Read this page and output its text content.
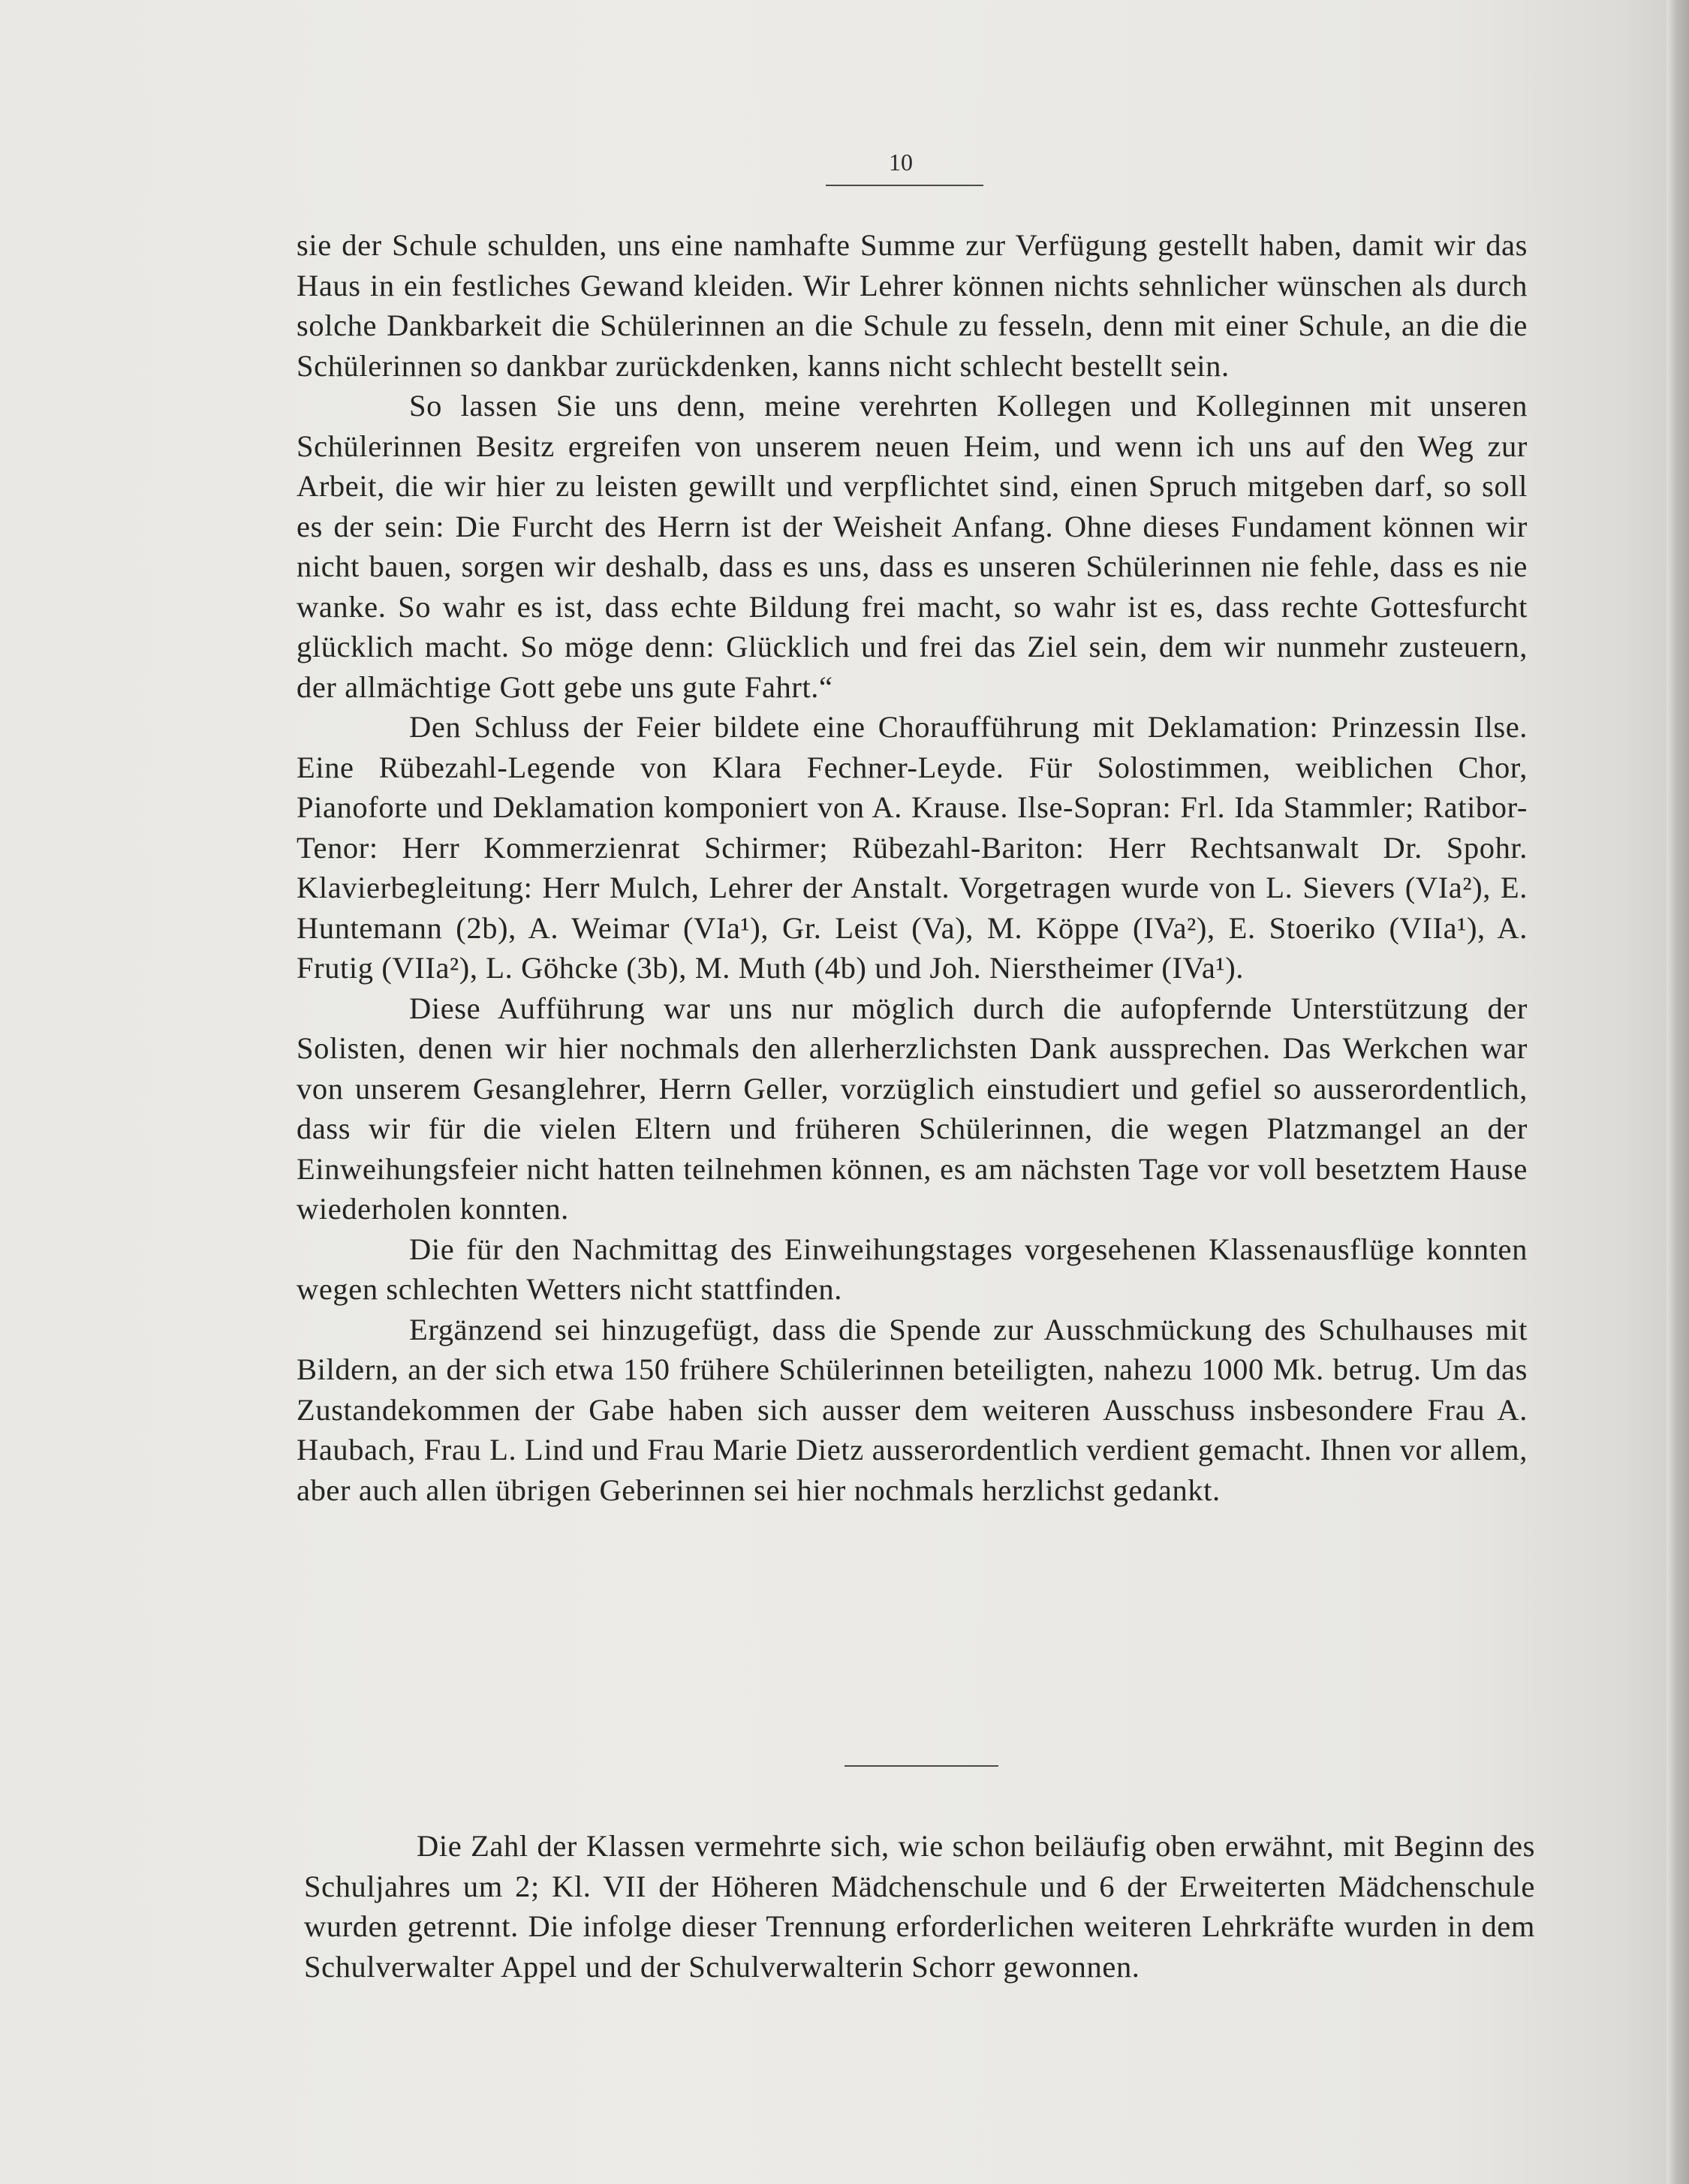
10

sie der Schule schulden, uns eine namhafte Summe zur Verfügung gestellt haben, damit wir das Haus in ein festliches Gewand kleiden. Wir Lehrer können nichts sehnlicher wünschen als durch solche Dankbarkeit die Schülerinnen an die Schule zu fesseln, denn mit einer Schule, an die die Schülerinnen so dankbar zurückdenken, kanns nicht schlecht bestellt sein.

So lassen Sie uns denn, meine verehrten Kollegen und Kolleginnen mit unseren Schülerinnen Besitz ergreifen von unserem neuen Heim, und wenn ich uns auf den Weg zur Arbeit, die wir hier zu leisten gewillt und verpflichtet sind, einen Spruch mitgeben darf, so soll es der sein: Die Furcht des Herrn ist der Weisheit Anfang. Ohne dieses Fundament können wir nicht bauen, sorgen wir deshalb, dass es uns, dass es unseren Schülerinnen nie fehle, dass es nie wanke. So wahr es ist, dass echte Bildung frei macht, so wahr ist es, dass rechte Gottesfurcht glücklich macht. So möge denn: Glücklich und frei das Ziel sein, dem wir nunmehr zusteuern, der allmächtige Gott gebe uns gute Fahrt.“

Den Schluss der Feier bildete eine Choraufführung mit Deklamation: Prinzessin Ilse. Eine Rübezahl-Legende von Klara Fechner-Leyde. Für Solostimmen, weiblichen Chor, Pianoforte und Deklamation komponiert von A. Krause. Ilse-Sopran: Frl. Ida Stammler; Ratibor-Tenor: Herr Kommerzienrat Schirmer; Rübezahl-Bariton: Herr Rechtsanwalt Dr. Spohr. Klavierbegleitung: Herr Mulch, Lehrer der Anstalt. Vorgetragen wurde von L. Sievers (VIa²), E. Huntemann (2b), A. Weimar (VIa¹), Gr. Leist (Va), M. Köppe (IVa²), E. Stoeriko (VIIa¹), A. Frutig (VIIa²), L. Göhcke (3b), M. Muth (4b) und Joh. Nierstheimer (IVa¹).

Diese Aufführung war uns nur möglich durch die aufopfernde Unterstützung der Solisten, denen wir hier nochmals den allerherzlichsten Dank aussprechen. Das Werkchen war von unserem Gesanglehrer, Herrn Geller, vorzüglich einstudiert und gefiel so ausserordentlich, dass wir für die vielen Eltern und früheren Schülerinnen, die wegen Platzmangel an der Einweihungsfeier nicht hatten teilnehmen können, es am nächsten Tage vor voll besetztem Hause wiederholen konnten.

Die für den Nachmittag des Einweihungstages vorgesehenen Klassenausflüge konnten wegen schlechten Wetters nicht stattfinden.

Ergänzend sei hinzugefügt, dass die Spende zur Ausschmückung des Schulhauses mit Bildern, an der sich etwa 150 frühere Schülerinnen beteiligten, nahezu 1000 Mk. betrug. Um das Zustandekommen der Gabe haben sich ausser dem weiteren Ausschuss insbesondere Frau A. Haubach, Frau L. Lind und Frau Marie Dietz ausserordentlich verdient gemacht. Ihnen vor allem, aber auch allen übrigen Geberinnen sei hier nochmals herzlichst gedankt.

Die Zahl der Klassen vermehrte sich, wie schon beiläufig oben erwähnt, mit Beginn des Schuljahres um 2; Kl. VII der Höheren Mädchenschule und 6 der Erweiterten Mädchenschule wurden getrennt. Die infolge dieser Trennung erforderlichen weiteren Lehrkräfte wurden in dem Schulverwalter Appel und der Schulverwalterin Schorr gewonnen.
